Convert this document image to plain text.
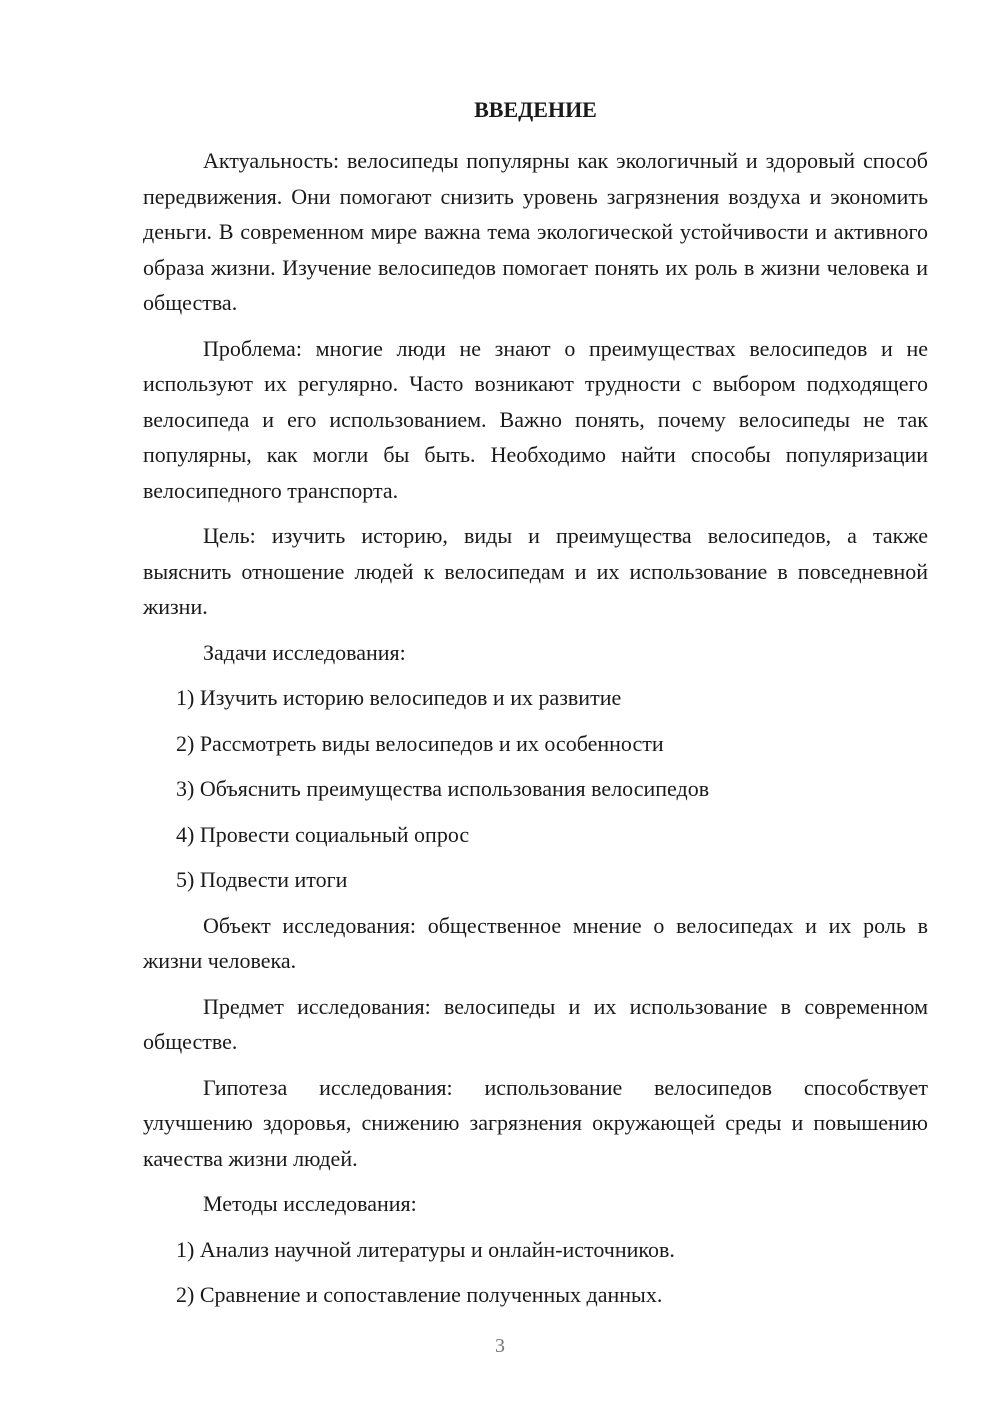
ВВЕДЕНИЕ

Актуальность: велосипеды популярны как экологичный и здоровый способ передвижения. Они помогают снизить уровень загрязнения воздуха и экономить деньги. В современном мире важна тема экологической устойчивости и активного образа жизни. Изучение велосипедов помогает понять их роль в жизни человека и общества.

Проблема: многие люди не знают о преимуществах велосипедов и не используют их регулярно. Часто возникают трудности с выбором подходящего велосипеда и его использованием. Важно понять, почему велосипеды не так популярны, как могли бы быть. Необходимо найти способы популяризации велосипедного транспорта.

Цель: изучить историю, виды и преимущества велосипедов, а также выяснить отношение людей к велосипедам и их использование в повседневной жизни.

Задачи исследования:

1) Изучить историю велосипедов и их развитие
2) Рассмотреть виды велосипедов и их особенности
3) Объяснить преимущества использования велосипедов
4) Провести социальный опрос
5) Подвести итоги

Объект исследования: общественное мнение о велосипедах и их роль в жизни человека.

Предмет исследования: велосипеды и их использование в современном обществе.

Гипотеза исследования: использование велосипедов способствует улучшению здоровья, снижению загрязнения окружающей среды и повышению качества жизни людей.

Методы исследования:

1) Анализ научной литературы и онлайн-источников.
2) Сравнение и сопоставление полученных данных.
3
